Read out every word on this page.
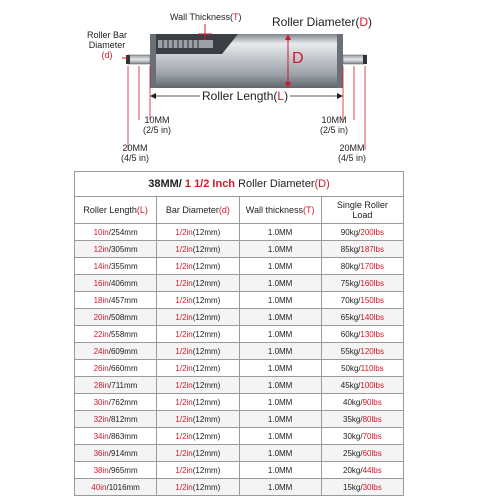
Wall Thickness(T)	Roller Diameter(D)
Roller Bar
Diameter
(d)	D
Roller Length(L)
10MM
(2/5 in)
20MM
(4/5 in)
10MM
(2/5 in)
20MM
(4/5 in)
38MM/ 1 1/2 Inch Roller Diameter(D)			
Roller Length(L)	Bar Diameter(d)	Wall thickness(T)	Single Roller
Load

10in/254mm	1/2in(12mm)	1.0MM	90kg/200lbs
12in/305mm	1/2in(12mm)	1.0MM	85kg/187lbs
14in/355mm	1/2in(12mm)	1.0MM	80kg/170lbs
16in/406mm	1/2in(12mm)	1.0MM	75kg/160lbs
18in/457mm	1/2in(12mm)	1.0MM	70kg/150lbs
20in/508mm	1/2in(12mm)	1.0MM	65kg/140lbs
22in/558mm	1/2in(12mm)	1.0MM	60kg/130lbs
24in/609mm	1/2in(12mm)	1.0MM	55kg/120lbs
26in/660mm	1/2in(12mm)	1.0MM	50kg/110lbs
28in/711mm	1/2in(12mm)	1.0MM	45kg/100lbs
30in/762mm	1/2in(12mm)	1.0MM	40kg/90lbs
32in/812mm	1/2in(12mm)	1.0MM	35kg/80lbs
34in/863mm	1/2in(12mm)	1.0MM	30kg/70lbs
36in/914mm	1/2in(12mm)	1.0MM	25kg/60lbs
38in/965mm	1/2in(12mm)	1.0MM	20kg/44lbs
40in/1016mm	1/2in(12mm)	1.0MM	15kg/30lbs
